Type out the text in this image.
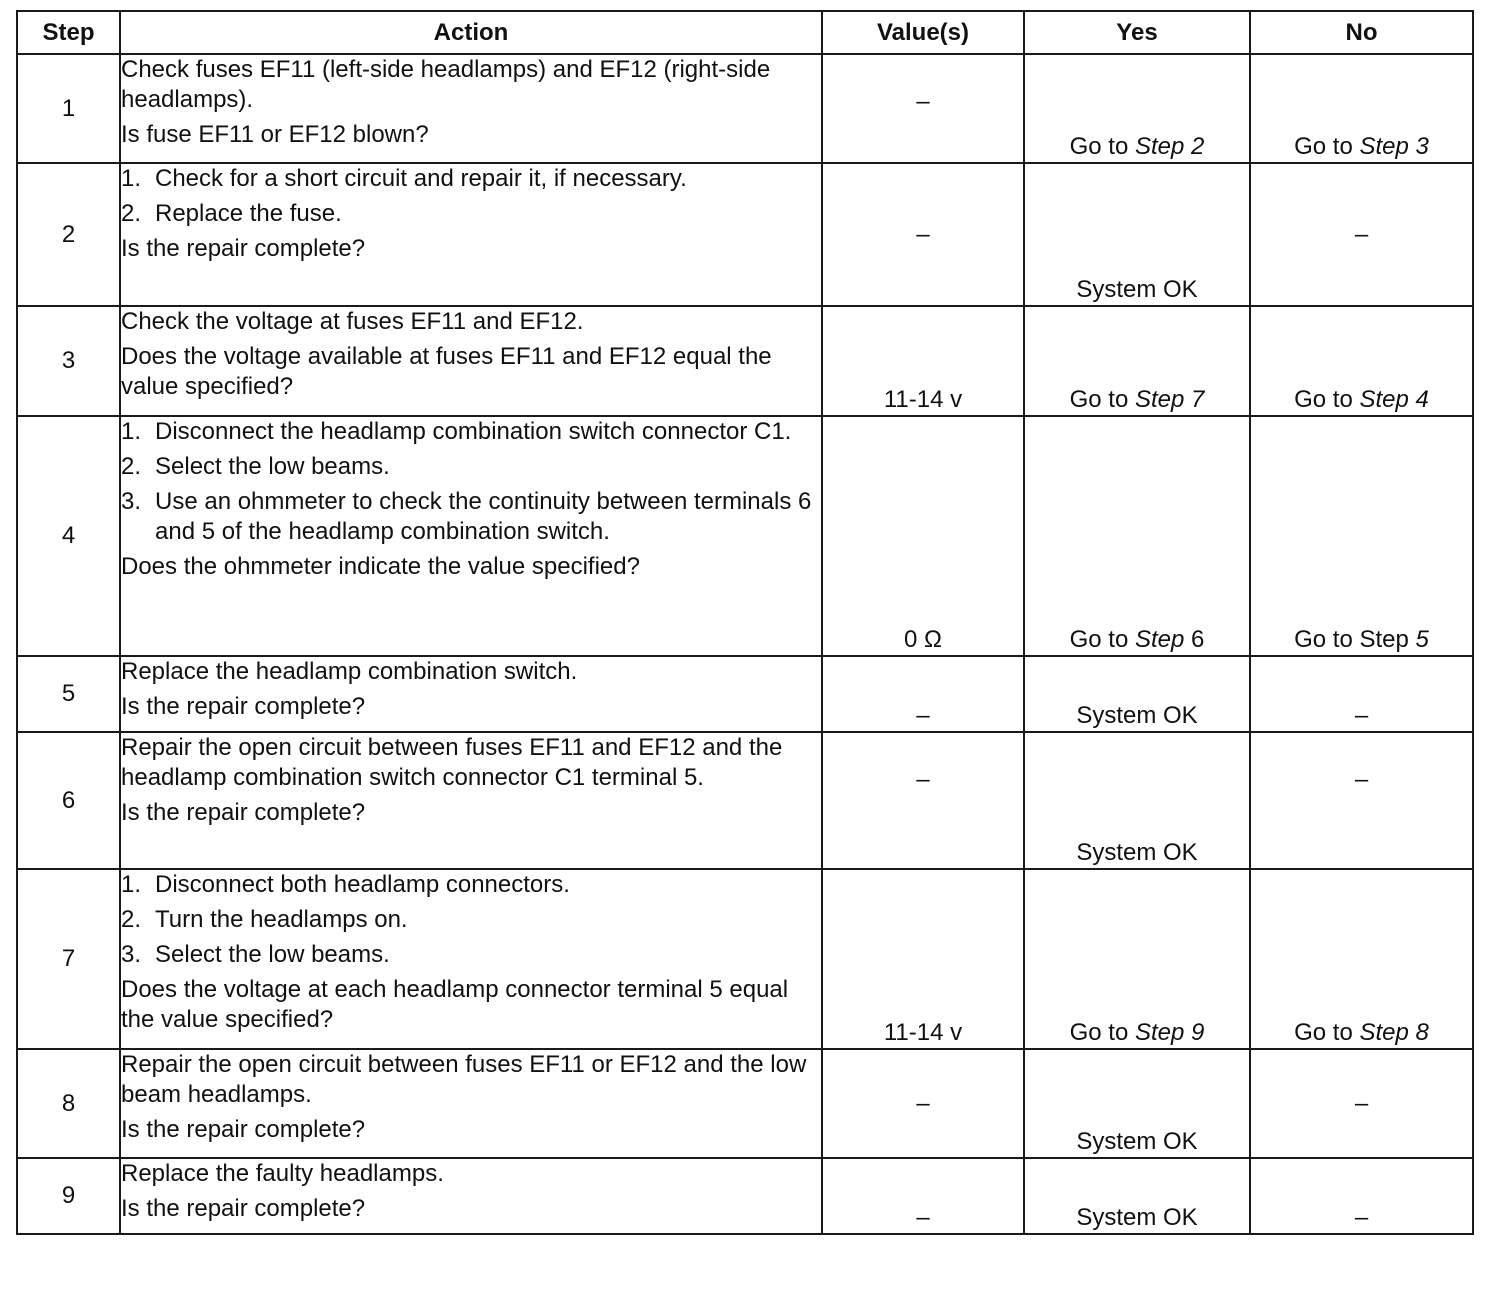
Step	Action	Value(s)	Yes	No
1	Check fuses EF11 (left-side headlamps) and EF12 (right-side headlamps).
Is fuse EF11 or EF12 blown?	–	Go to Step 2	Go to Step 3
2	1. Check for a short circuit and repair it, if necessary.
2. Replace the fuse.
Is the repair complete?	–	System OK	–
3	Check the voltage at fuses EF11 and EF12.
Does the voltage available at fuses EF11 and EF12 equal the value specified?	11-14 v	Go to Step 7	Go to Step 4
4	1. Disconnect the headlamp combination switch connector C1.
2. Select the low beams.
3. Use an ohmmeter to check the continuity between terminals 6 and 5 of the headlamp combination switch.
Does the ohmmeter indicate the value specified?	0 Ω	Go to Step 6	Go to Step 5
5	Replace the headlamp combination switch.
Is the repair complete?	–	System OK	–
6	Repair the open circuit between fuses EF11 and EF12 and the headlamp combination switch connector C1 terminal 5.
Is the repair complete?	–	System OK	–
7	1. Disconnect both headlamp connectors.
2. Turn the headlamps on.
3. Select the low beams.
Does the voltage at each headlamp connector terminal 5 equal the value specified?	11-14 v	Go to Step 9	Go to Step 8
8	Repair the open circuit between fuses EF11 or EF12 and the low beam headlamps.
Is the repair complete?	–	System OK	–
9	Replace the faulty headlamps.
Is the repair complete?	–	System OK	–
